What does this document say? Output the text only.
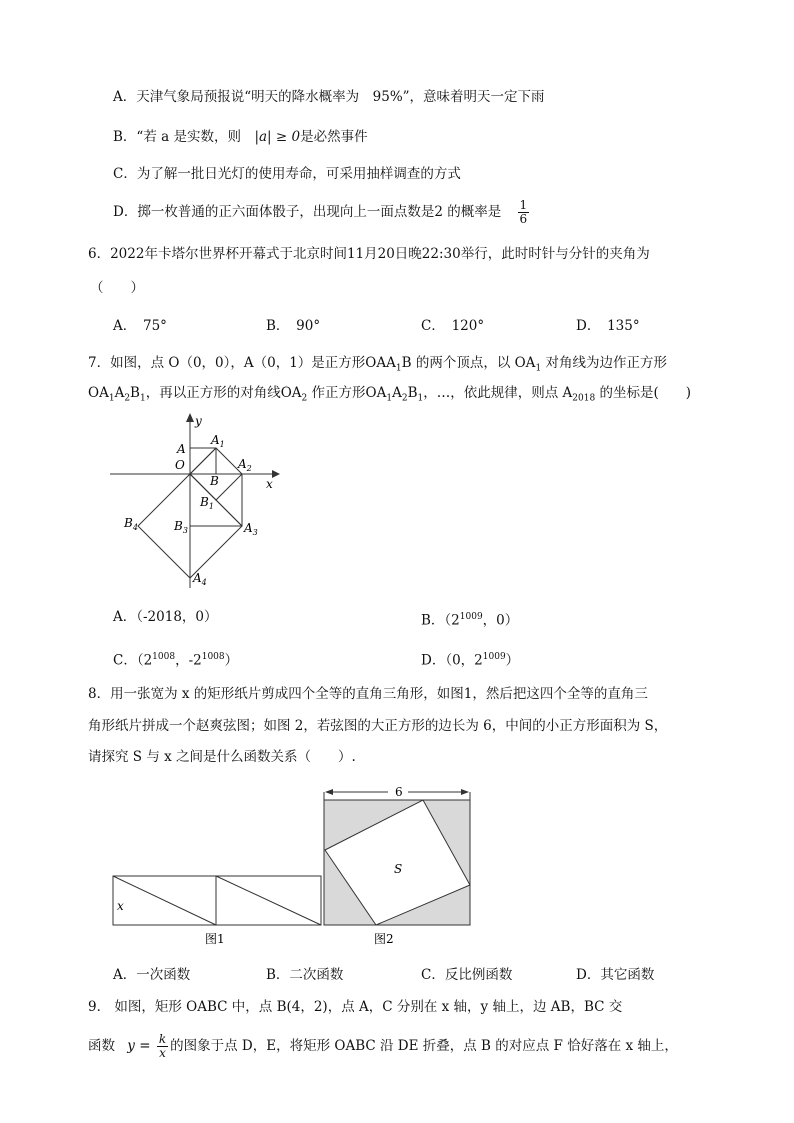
A．天津气象局预报说“明天的降水概率为　95%”，意味着明天一定下雨
B．“若 a 是实数，则　|a| ≥ 0是必然事件
C．为了解一批日光灯的使用寿命，可采用抽样调查的方式
D．掷一枚普通的正六面体骰子，出现向上一面点数是2 的概率是 $\frac{1}{6}$
6．2022年卡塔尔世界杯开幕式于北京时间11月20日晚22:30举行，此时时针与分针的夹角为
（　　）
A．　75°	B．　90°	C．　120°	D．　135°
7．如图，点 O（0，0），A（0，1）是正方形$OAA_1B$ 的两个顶点，以 $OA_1$ 对角线为边作正方形
$OA_1A_2B_1$，再以正方形的对角线$OA_2$ 作正方形$OA_1A_2B_1$，…，依此规律，则点 $A_{2018}$ 的坐标是(　　)
y
x
A
O
$A_1$
$A_2$
B
$B_1$
$A_3$
$B_3$
$B_4$
$A_4$
A．（-2018，0）	B．（$2^{1009}$，0）
C．（$2^{1008}$，$-2^{1008}$）	D．（0，$2^{1009}$）
8．用一张宽为 x 的矩形纸片剪成四个全等的直角三角形，如图1，然后把这四个全等的直角三
角形纸片拼成一个赵爽弦图；如图 2，若弦图的大正方形的边长为 6，中间的小正方形面积为 S，
请探究 S 与 x 之间是什么函数关系（　　）.
x
图1
6
S
图2
A．一次函数	B．二次函数	C．反比例函数	D．其它函数
9． 如图，矩形 OABC 中，点 B(4，2)，点 A，C 分别在 x 轴，y 轴上，边 AB，BC 交
函数 $y = \frac{k}{x}$ 的图象于点 D，E，将矩形 OABC 沿 DE 折叠，点 B 的对应点 F 恰好落在 x 轴上，
